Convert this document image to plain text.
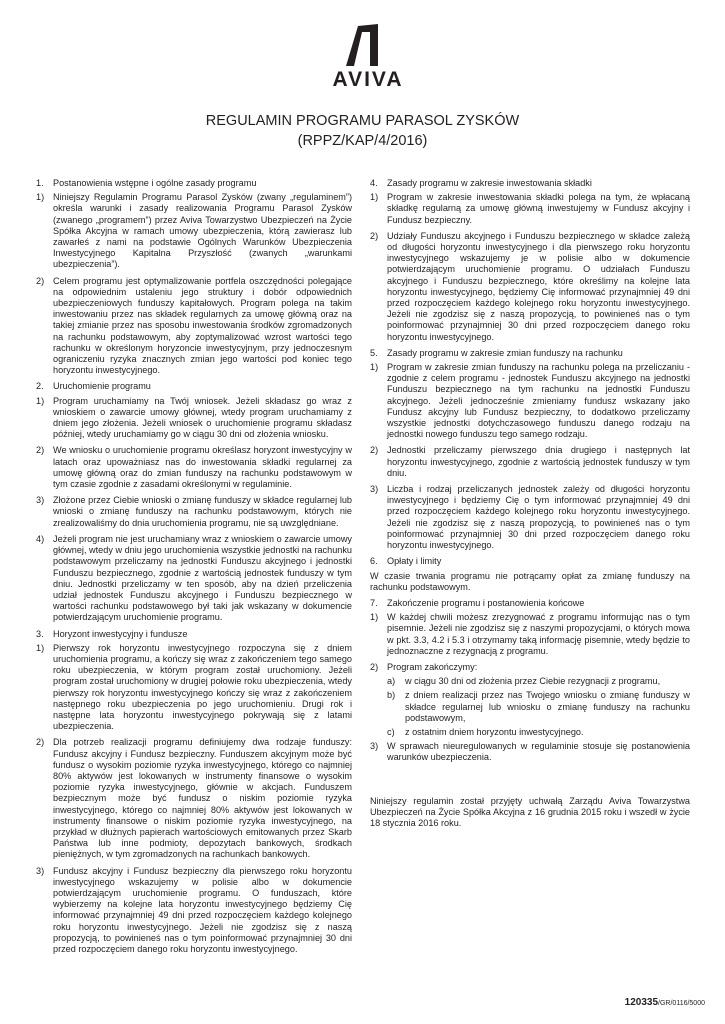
AVIVA
REGULAMIN PROGRAMU PARASOL ZYSKÓW
(RPPZ/KAP/4/2016)
1.	Postanowienia wstępne i ogólne zasady programu
1) Niniejszy Regulamin Programu Parasol Zysków (zwany „regulaminem”) określa warunki i zasady realizowania Programu Parasol Zysków (zwanego „programem”) przez Aviva Towarzystwo Ubezpieczeń na Życie Spółka Akcyjna w ramach umowy ubezpieczenia, którą zawierasz lub zawarłeś z nami na podstawie Ogólnych Warunków Ubezpieczenia Inwestycyjnego Kapitalna Przyszłość (zwanych „warunkami ubezpieczenia”).
2) Celem programu jest optymalizowanie portfela oszczędności polegające na odpowiednim ustaleniu jego struktury i dobór odpowiednich ubezpieczeniowych funduszy kapitałowych. Program polega na takim inwestowaniu przez nas składek regularnych za umowę główną oraz na takiej zmianie przez nas sposobu inwestowania środków zgromadzonych na rachunku podstawowym, aby zoptymalizować wzrost wartości tego rachunku w określonym horyzoncie inwestycyjnym, przy jednoczesnym ograniczeniu ryzyka znacznych zmian jego wartości pod koniec tego horyzontu inwestycyjnego.
2.	Uruchomienie programu
1) Program uruchamiamy na Twój wniosek. Jeżeli składasz go wraz z wnioskiem o zawarcie umowy głównej, wtedy program uruchamiamy z dniem jego złożenia. Jeżeli wniosek o uruchomienie programu składasz później, wtedy uruchamiamy go w ciągu 30 dni od złożenia wniosku.
2) We wniosku o uruchomienie programu określasz horyzont inwestycyjny w latach oraz upoważniasz nas do inwestowania składki regularnej za umowę główną oraz do zmian funduszy na rachunku podstawowym w tym czasie zgodnie z zasadami określonymi w regulaminie.
3) Złożone przez Ciebie wnioski o zmianę funduszy w składce regularnej lub wnioski o zmianę funduszy na rachunku podstawowym, których nie zrealizowaliśmy do dnia uruchomienia programu, nie są uwzględniane.
4) Jeżeli program nie jest uruchamiany wraz z wnioskiem o zawarcie umowy głównej, wtedy w dniu jego uruchomienia wszystkie jednostki na rachunku podstawowym przeliczamy na jednostki Funduszu akcyjnego i jednostki Funduszu bezpiecznego, zgodnie z wartością jednostek funduszy w tym dniu. Jednostki przeliczamy w ten sposób, aby na dzień przeliczenia udział jednostek Funduszu akcyjnego i Funduszu bezpiecznego w wartości rachunku podstawowego był taki jak wskazany w dokumencie potwierdzającym uruchomienie programu.
3.	Horyzont inwestycyjny i fundusze
1) Pierwszy rok horyzontu inwestycyjnego rozpoczyna się z dniem uruchomienia programu, a kończy się wraz z zakończeniem tego samego roku ubezpieczenia, w którym program został uruchomiony. Jeżeli program został uruchomiony w drugiej połowie roku ubezpieczenia, wtedy pierwszy rok horyzontu inwestycyjnego kończy się wraz z zakończeniem następnego roku ubezpieczenia po jego uruchomieniu. Drugi rok i następne lata horyzontu inwestycyjnego pokrywają się z latami ubezpieczenia.
2) Dla potrzeb realizacji programu definiujemy dwa rodzaje funduszy: Fundusz akcyjny i Fundusz bezpieczny. Funduszem akcyjnym może być fundusz o wysokim poziomie ryzyka inwestycyjnego, którego co najmniej 80% aktywów jest lokowanych w instrumenty finansowe o wysokim poziomie ryzyka inwestycyjnego, głównie w akcjach. Funduszem bezpiecznym może być fundusz o niskim poziomie ryzyka inwestycyjnego, którego co najmniej 80% aktywów jest lokowanych w instrumenty finansowe o niskim poziomie ryzyka inwestycyjnego, na przykład w dłużnych papierach wartościowych emitowanych przez Skarb Państwa lub inne podmioty, depozytach bankowych, środkach pieniężnych, w tym zgromadzonych na rachunkach bankowych.
3) Fundusz akcyjny i Fundusz bezpieczny dla pierwszego roku horyzontu inwestycyjnego wskazujemy w polisie albo w dokumencie potwierdzającym uruchomienie programu. O funduszach, które wybierzemy na kolejne lata horyzontu inwestycyjnego będziemy Cię informować przynajmniej 49 dni przed rozpoczęciem każdego kolejnego roku horyzontu inwestycyjnego. Jeżeli nie zgodzisz się z naszą propozycją, to powinieneś nas o tym poinformować przynajmniej 30 dni przed rozpoczęciem danego roku horyzontu inwestycyjnego.
4.	Zasady programu w zakresie inwestowania składki
1) Program w zakresie inwestowania składki polega na tym, że wpłacaną składkę regularną za umowę główną inwestujemy w Fundusz akcyjny i Fundusz bezpieczny.
2) Udziały Funduszu akcyjnego i Funduszu bezpiecznego w składce zależą od długości horyzontu inwestycyjnego i dla pierwszego roku horyzontu inwestycyjnego wskazujemy je w polisie albo w dokumencie potwierdzającym uruchomienie programu. O udziałach Funduszu akcyjnego i Funduszu bezpiecznego, które określimy na kolejne lata horyzontu inwestycyjnego, będziemy Cię informować przynajmniej 49 dni przed rozpoczęciem każdego kolejnego roku horyzontu inwestycyjnego. Jeżeli nie zgodzisz się z naszą propozycją, to powinieneś nas o tym poinformować przynajmniej 30 dni przed rozpoczęciem danego roku horyzontu inwestycyjnego.
5.	Zasady programu w zakresie zmian funduszy na rachunku
1) Program w zakresie zmian funduszy na rachunku polega na przeliczaniu - zgodnie z celem programu - jednostek Funduszu akcyjnego na jednostki Funduszu bezpiecznego na tym rachunku na jednostki Funduszu akcyjnego. Jeżeli jednocześnie zmieniamy fundusz wskazany jako Fundusz akcyjny lub Fundusz bezpieczny, to dodatkowo przeliczamy wszystkie jednostki dotychczasowego funduszu danego rodzaju na jednostki nowego funduszu tego samego rodzaju.
2) Jednostki przeliczamy pierwszego dnia drugiego i następnych lat horyzontu inwestycyjnego, zgodnie z wartością jednostek funduszy w tym dniu.
3) Liczba i rodzaj przeliczanych jednostek zależy od długości horyzontu inwestycyjnego i będziemy Cię o tym informować przynajmniej 49 dni przed rozpoczęciem każdego kolejnego roku horyzontu inwestycyjnego. Jeżeli nie zgodzisz się z naszą propozycją, to powinieneś nas o tym poinformować przynajmniej 30 dni przed rozpoczęciem danego roku horyzontu inwestycyjnego.
6.	Opłaty i limity
W czasie trwania programu nie potrącamy opłat za zmianę funduszy na rachunku podstawowym.
7.	Zakończenie programu i postanowienia końcowe
1) W każdej chwili możesz zrezygnować z programu informując nas o tym pisemnie. Jeżeli nie zgodzisz się z naszymi propozycjami, o których mowa w pkt. 3.3, 4.2 i 5.3 i otrzymamy taką informację pisemnie, wtedy będzie to jednoznaczne z rezygnacją z programu.
2) Program zakończymy:
a)	w ciągu 30 dni od złożenia przez Ciebie rezygnacji z programu,
b)	z dniem realizacji przez nas Twojego wniosku o zmianę funduszy w składce regularnej lub wniosku o zmianę funduszy na rachunku podstawowym,
c)	z ostatnim dniem horyzontu inwestycyjnego.
3) W sprawach nieuregulowanych w regulaminie stosuje się postanowienia warunków ubezpieczenia.
Niniejszy regulamin został przyjęty uchwałą Zarządu Aviva Towarzystwa Ubezpieczeń na Życie Spółka Akcyjna z 16 grudnia 2015 roku i wszedł w życie 18 stycznia 2016 roku.
120335/GR/0116/5000
